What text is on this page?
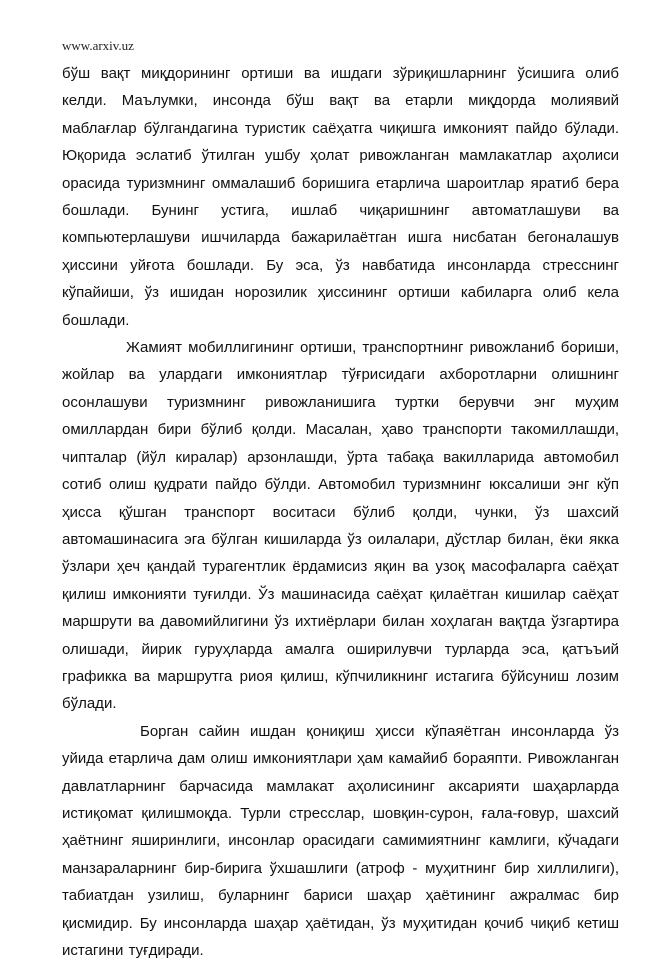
www.arxiv.uz

бўш вақт миқдорининг ортиши ва ишдаги зўриқишларнинг ўсишига олиб келди. Маълумки, инсонда бўш вақт ва етарли миқдорда молиявий маблағлар бўлгандагина туристик саёҳатга чиқишга имконият пайдо бўлади. Юқорида эслатиб ўтилган ушбу ҳолат ривожланган мамлакатлар аҳолиси орасида туризмнинг оммалашиб боришига етарлича шароитлар яратиб бера бошлади. Бунинг устига, ишлаб чиқаришнинг автоматлашуви ва компьютерлашуви ишчиларда бажарилаётган ишга нисбатан бегоналашув ҳиссини уйғота бошлади. Бу эса, ўз навбатида инсонларда стресснинг кўпайиши, ўз ишидан норозилик ҳиссининг ортиши кабиларга олиб кела бошлади.

Жамият мобиллигининг ортиши, транспортнинг ривожланиб бориши, жойлар ва улардаги имкониятлар тўғрисидаги ахборотларни олишнинг осонлашуви туризмнинг ривожланишига туртки берувчи энг муҳим омиллардан бири бўлиб қолди. Масалан, ҳаво транспорти такомиллашди, чипталар (йўл киралар) арзонлашди, ўрта табақа вакилларида автомобил сотиб олиш қудрати пайдо бўлди. Автомобил туризмнинг юксалиши энг кўп ҳисса қўшган транспорт воситаси бўлиб қолди, чунки, ўз шахсий автомашинасига эга бўлган кишиларда ўз оилалари, дўстлар билан, ёки якка ўзлари ҳеч қандай турагентлик ёрдамисиз яқин ва узоқ масофаларга саёҳат қилиш имконияти туғилди. Ўз машинасида саёҳат қилаётган кишилар саёҳат маршрути ва давомийлигини ўз ихтиёрлари билан хоҳлаган вақтда ўзгартира олишади, йирик гуруҳларда амалга оширилувчи турларда эса, қатъъий графикка ва маршрутга риоя қилиш, кўпчиликнинг истагига бўйсуниш лозим бўлади.

Борган сайин ишдан қониқиш ҳисси кўпаяётган инсонларда ўз уйида етарлича дам олиш имкониятлари ҳам камайиб бораяпти. Ривожланган давлатларнинг барчасида мамлакат аҳолисининг аксарияти шаҳарларда истиқомат қилишмоқда. Турли стресслар, шовқин-сурон, ғала-ғовур, шахсий ҳаётнинг яширинлиги, инсонлар орасидаги самимиятнинг камлиги, кўчадаги манзараларнинг бир-бирига ўхшашлиги (атроф - муҳитнинг бир хиллилиги), табиатдан узилиш, буларнинг бариси шаҳар ҳаётининг ажралмас бир қисмидир. Бу инсонларда шаҳар ҳаётидан, ўз муҳитидан қочиб чиқиб кетиш истагини туғдиради.
